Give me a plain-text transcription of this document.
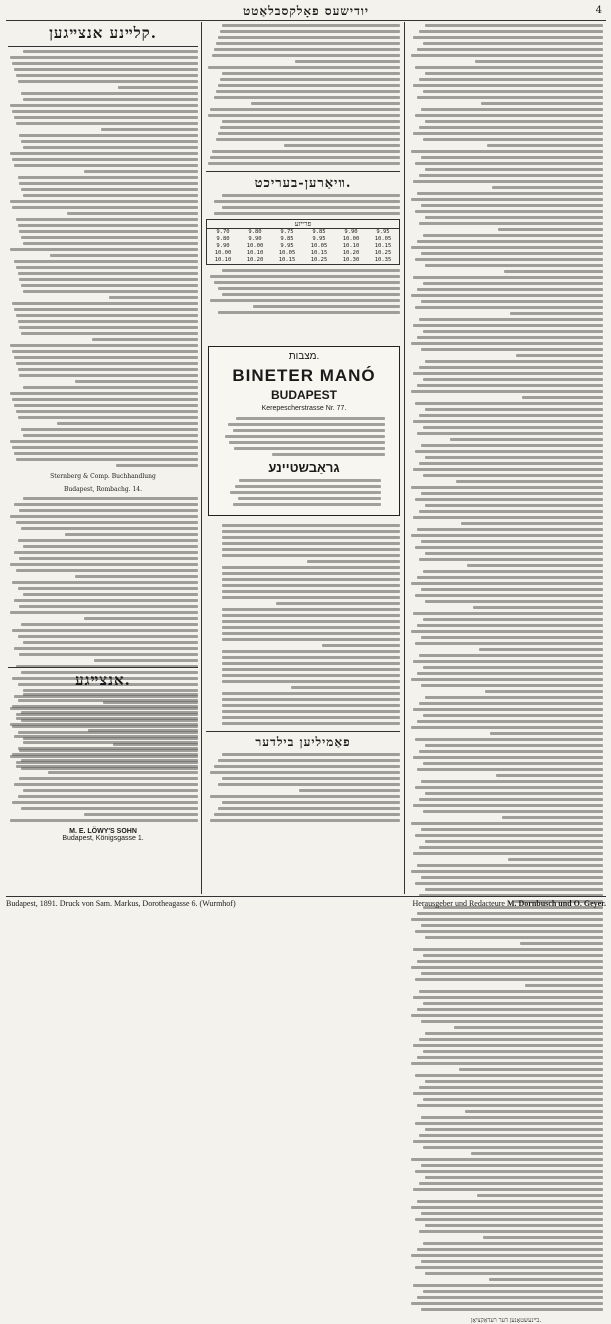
יודישעס פאָלקסבלאַטט	4
קלײנע אנצײגען.
Sternberg & Comp. Buchhandlung
Budapest, Rombachg. 14.
אנצײגע.
M. E. LÖWY'S SOHN
Budapest, Königsgasse 1.
װיאַרען-בעריכט.
פרײזע
9.70	9.80	9.75	9.85	9.90	9.95
9.80	9.90	9.85	9.95	10.00	10.05
9.90	10.00	9.95	10.05	10.10	10.15
10.00	10.10	10.05	10.15	10.20	10.25
10.10	10.20	10.15	10.25	10.30	10.35
מצבות.
BINETER MANÓ
BUDAPEST
Kerepescherstrasse Nr. 77.
גראַבשטײנע
פאַמיליען בילדער
בײנעשטאָנען דער רעדאַקציאָן.
Budapest, 1891. Druck von Sam. Markus, Dorotheagasse 6. (Wurmhof)	Herausgeber und Redacteure M. Dornbusch und O. Geyer.
